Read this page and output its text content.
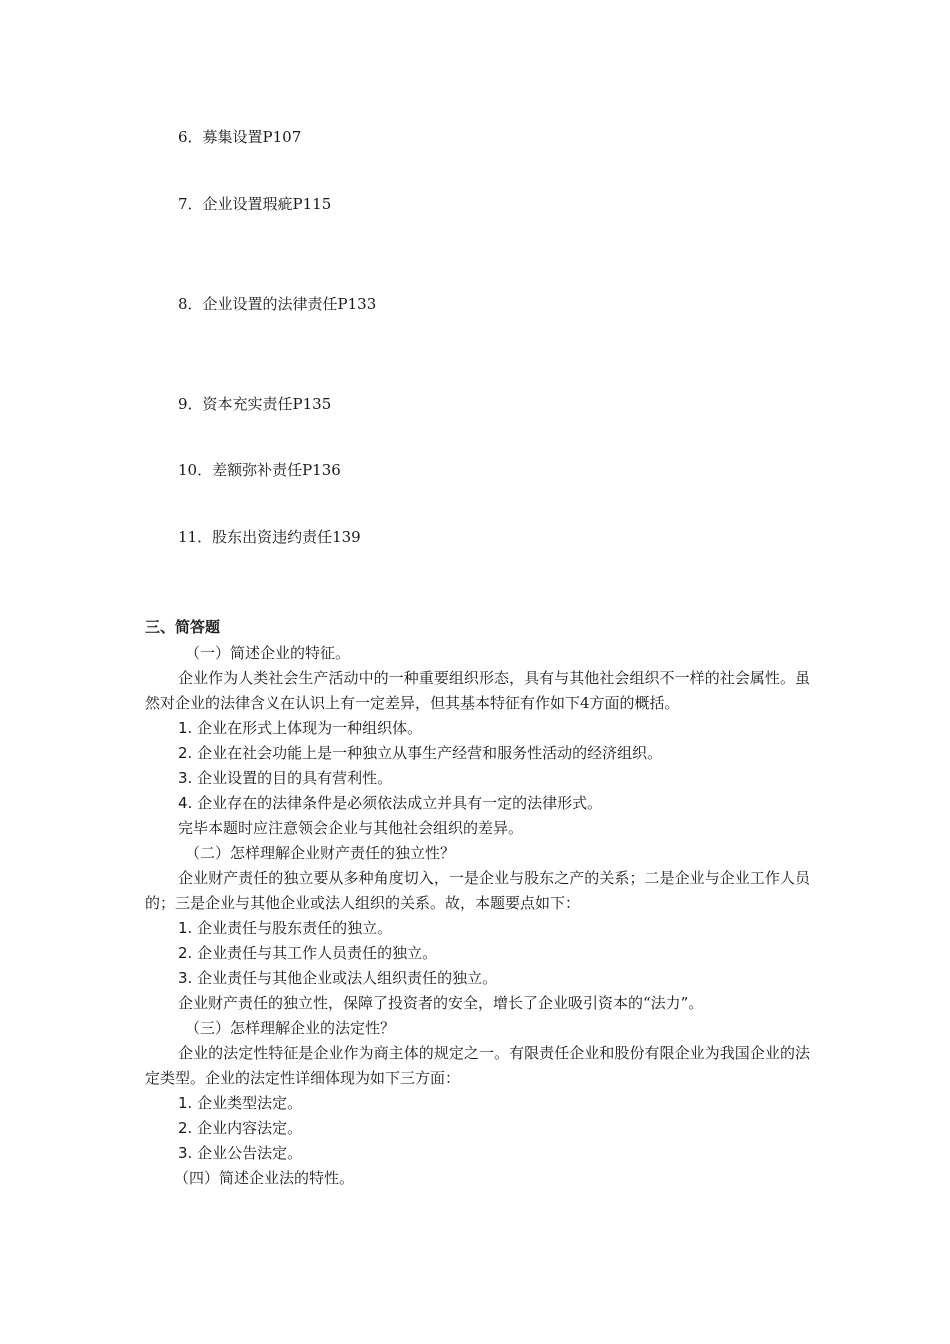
6．募集设置P107
7．企业设置瑕疵P115
8．企业设置的法律责任P133
9．资本充实责任P135
10．差额弥补责任P136
11．股东出资违约责任139
三、简答题

（一）简述企业的特征。

企业作为人类社会生产活动中的一种重要组织形态，具有与其他社会组织不一样的社会属性。虽然对企业的法律含义在认识上有一定差异，但其基本特征有作如下4方面的概括。

1. 企业在形式上体现为一种组织体。

2. 企业在社会功能上是一种独立从事生产经营和服务性活动的经济组织。

3. 企业设置的目的具有营利性。

4. 企业存在的法律条件是必须依法成立并具有一定的法律形式。

完毕本题时应注意领会企业与其他社会组织的差异。

（二）怎样理解企业财产责任的独立性？

企业财产责任的独立要从多种角度切入，一是企业与股东之产的关系；二是企业与企业工作人员的；三是企业与其他企业或法人组织的关系。故，本题要点如下：

1. 企业责任与股东责任的独立。

2. 企业责任与其工作人员责任的独立。

3. 企业责任与其他企业或法人组织责任的独立。

企业财产责任的独立性，保障了投资者的安全，增长了企业吸引资本的“法力”。

（三）怎样理解企业的法定性？

企业的法定性特征是企业作为商主体的规定之一。有限责任企业和股份有限企业为我国企业的法定类型。企业的法定性详细体现为如下三方面：

1. 企业类型法定。

2. 企业内容法定。

3. 企业公告法定。

（四）简述企业法的特性。
